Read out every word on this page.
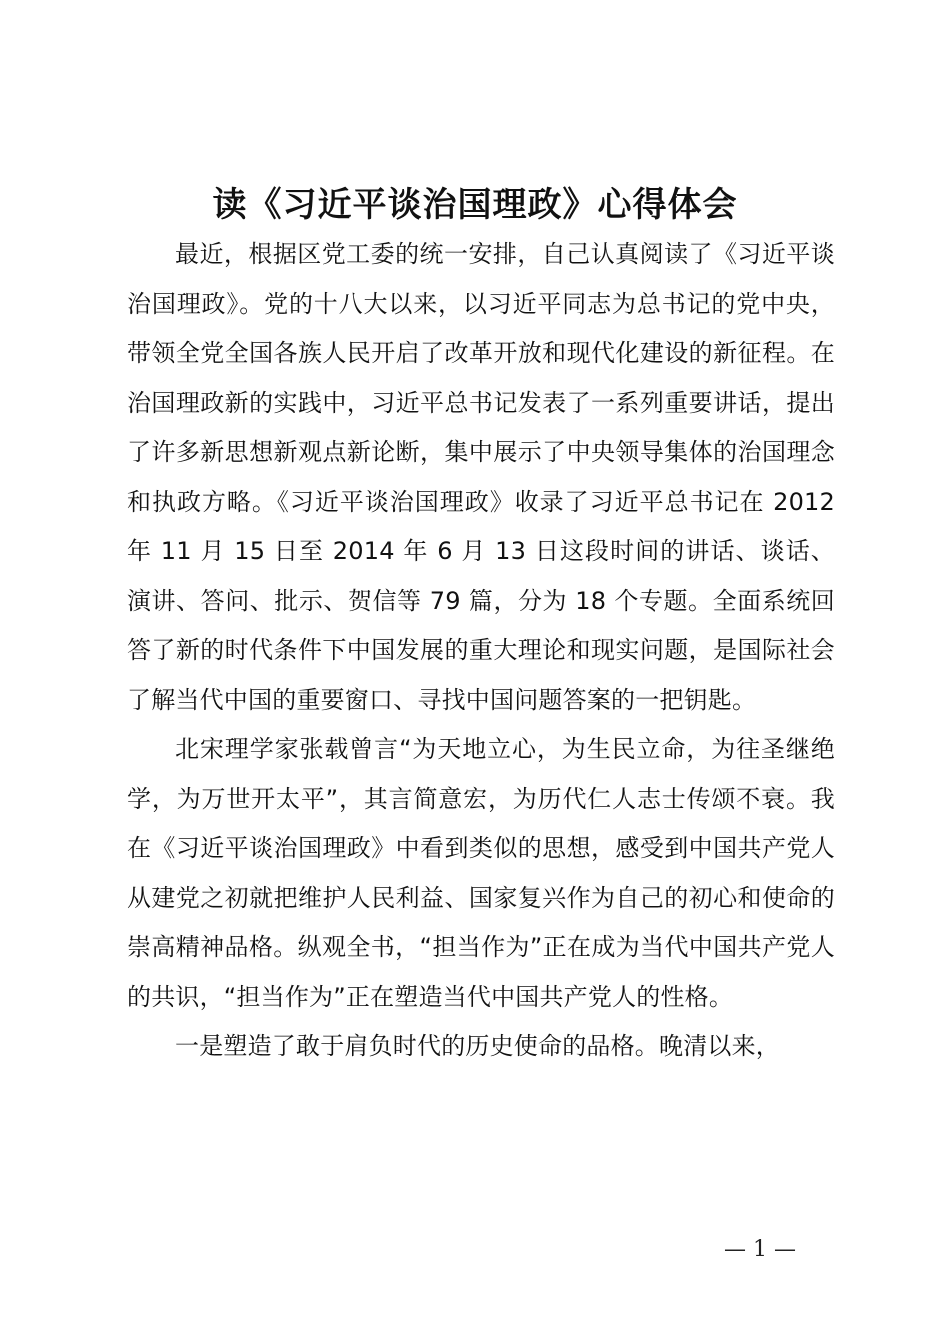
读《习近平谈治国理政》心得体会

最近，根据区党工委的统一安排，自己认真阅读了《习近平谈治国理政》。党的十八大以来，以习近平同志为总书记的党中央，带领全党全国各族人民开启了改革开放和现代化建设的新征程。在治国理政新的实践中，习近平总书记发表了一系列重要讲话，提出了许多新思想新观点新论断，集中展示了中央领导集体的治国理念和执政方略。《习近平谈治国理政》收录了习近平总书记在 2012 年 11 月 15 日至 2014 年 6 月 13 日这段时间的讲话、谈话、演讲、答问、批示、贺信等 79 篇，分为 18 个专题。全面系统回答了新的时代条件下中国发展的重大理论和现实问题，是国际社会了解当代中国的重要窗口、寻找中国问题答案的一把钥匙。

北宋理学家张载曾言“为天地立心，为生民立命，为往圣继绝学，为万世开太平”，其言简意宏，为历代仁人志士传颂不衰。我在《习近平谈治国理政》中看到类似的思想，感受到中国共产党人从建党之初就把维护人民利益、国家复兴作为自己的初心和使命的崇高精神品格。纵观全书，“担当作为”正在成为当代中国共产党人的共识，“担当作为”正在塑造当代中国共产党人的性格。

一是塑造了敢于肩负时代的历史使命的品格。晚清以来，

— 1 —
